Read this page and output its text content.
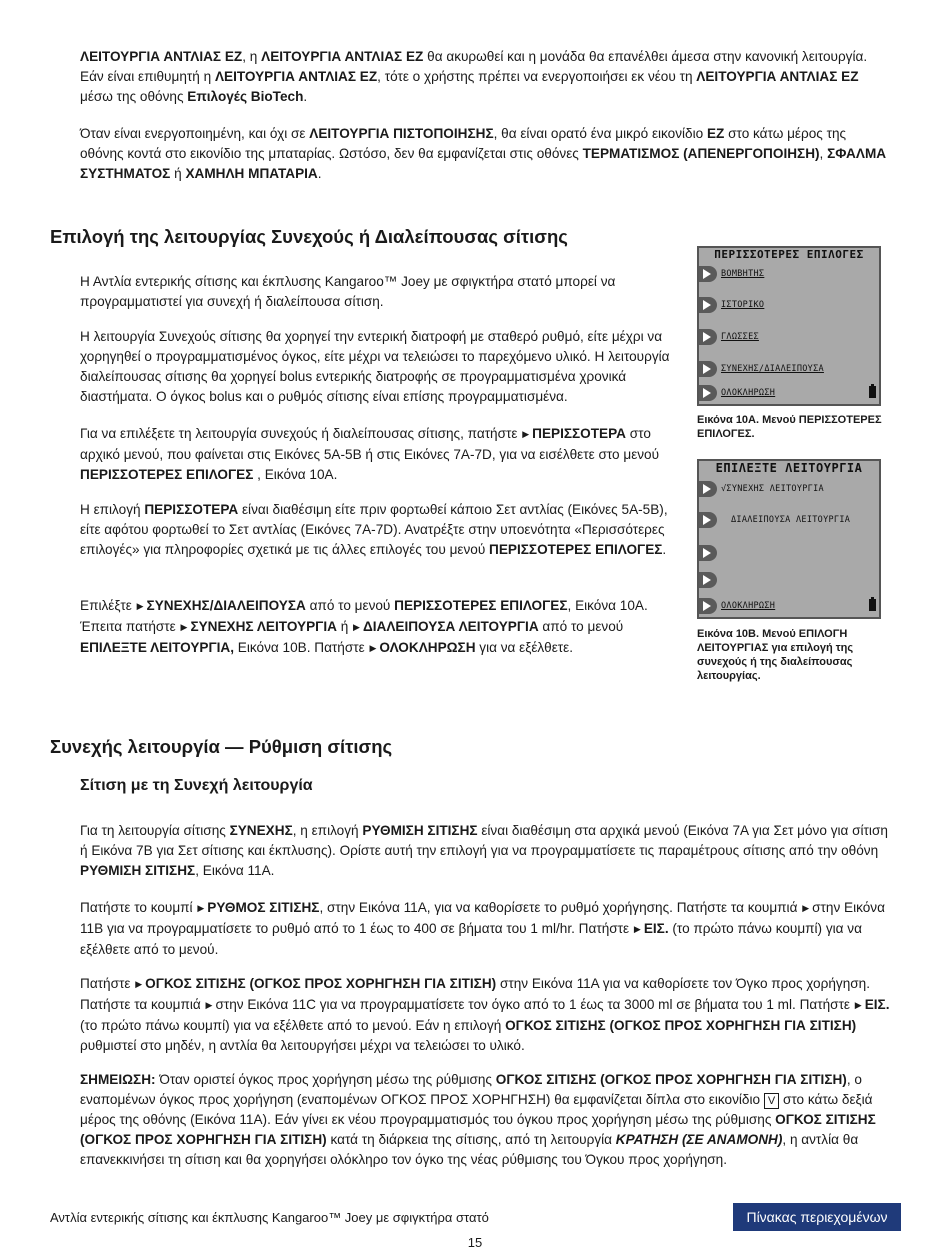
ΛΕΙΤΟΥΡΓΙΑ ΑΝΤΛΙΑΣ ΕΖ, η ΛΕΙΤΟΥΡΓΙΑ ΑΝΤΛΙΑΣ ΕΖ θα ακυρωθεί και η μονάδα θα επανέλθει άμεσα στην κανονική λειτουργία. Εάν είναι επιθυμητή η ΛΕΙΤΟΥΡΓΙΑ ΑΝΤΛΙΑΣ ΕΖ, τότε ο χρήστης πρέπει να ενεργοποιήσει εκ νέου τη ΛΕΙΤΟΥΡΓΙΑ ΑΝΤΛΙΑΣ ΕΖ μέσω της οθόνης Επιλογές BioTech.

Όταν είναι ενεργοποιημένη, και όχι σε ΛΕΙΤΟΥΡΓΙΑ ΠΙΣΤΟΠΟΙΗΣΗΣ, θα είναι ορατό ένα μικρό εικονίδιο ΕΖ στο κάτω μέρος της οθόνης κοντά στο εικονίδιο της μπαταρίας. Ωστόσο, δεν θα εμφανίζεται στις οθόνες ΤΕΡΜΑΤΙΣΜΟΣ (ΑΠΕΝΕΡΓΟΠΟΙΗΣΗ), ΣΦΑΛΜΑ ΣΥΣΤΗΜΑΤΟΣ ή ΧΑΜΗΛΗ ΜΠΑΤΑΡΙΑ.

Επιλογή της λειτουργίας Συνεχούς ή Διαλείπουσας σίτισης

Η Αντλία εντερικής σίτισης και έκπλυσης Kangaroo™ Joey με σφιγκτήρα στατό μπορεί να προγραμματιστεί για συνεχή ή διαλείπουσα σίτιση.

Η λειτουργία Συνεχούς σίτισης θα χορηγεί την εντερική διατροφή με σταθερό ρυθμό, είτε μέχρι να χορηγηθεί ο προγραμματισμένος όγκος, είτε μέχρι να τελειώσει το παρεχόμενο υλικό. Η λειτουργία διαλείπουσας σίτισης θα χορηγεί bolus εντερικής διατροφής σε προγραμματισμένα χρονικά διαστήματα. Ο όγκος bolus και ο ρυθμός σίτισης είναι επίσης προγραμματισμένα.

Για να επιλέξετε τη λειτουργία συνεχούς ή διαλείπουσας σίτισης, πατήστε ▶ ΠΕΡΙΣΣΟΤΕΡΑ στο αρχικό μενού, που φαίνεται στις Εικόνες 5A-5B ή στις Εικόνες 7A-7D, για να εισέλθετε στο μενού ΠΕΡΙΣΣΟΤΕΡΕΣ ΕΠΙΛΟΓΕΣ , Εικόνα 10A.

Η επιλογή ΠΕΡΙΣΣΟΤΕΡΑ είναι διαθέσιμη είτε πριν φορτωθεί κάποιο Σετ αντλίας (Εικόνες 5A-5B), είτε αφότου φορτωθεί το Σετ αντλίας (Εικόνες 7A-7D). Ανατρέξτε στην υποενότητα «Περισσότερες επιλογές» για πληροφορίες σχετικά με τις άλλες επιλογές του μενού ΠΕΡΙΣΣΟΤΕΡΕΣ ΕΠΙΛΟΓΕΣ.

Επιλέξτε ▶ ΣΥΝΕΧΗΣ/ΔΙΑΛΕΙΠΟΥΣΑ από το μενού ΠΕΡΙΣΣΟΤΕΡΕΣ ΕΠΙΛΟΓΕΣ, Εικόνα 10A. Έπειτα πατήστε ▶ ΣΥΝΕΧΗΣ ΛΕΙΤΟΥΡΓΙΑ ή ▶ ΔΙΑΛΕΙΠΟΥΣΑ ΛΕΙΤΟΥΡΓΙΑ από το μενού ΕΠΙΛΕΞΤΕ ΛΕΙΤΟΥΡΓΙΑ, Εικόνα 10B. Πατήστε ▶ ΟΛΟΚΛΗΡΩΣΗ για να εξέλθετε.

ΠΕΡΙΣΣΟΤΕΡΕΣ ΕΠΙΛΟΓΕΣ
ΒΟΜΒΗΤΗΣ
ΙΣΤΟΡΙΚΟ
ΓΛΩΣΣΕΣ
ΣΥΝΕΧΗΣ/ΔΙΑΛΕΙΠΟΥΣΑ
ΟΛΟΚΛΗΡΩΣΗ
Εικόνα 10A. Μενού ΠΕΡΙΣΣΟΤΕΡΕΣ ΕΠΙΛΟΓΕΣ.
ΕΠΙΛΕΞΤΕ ΛΕΙΤΟΥΡΓΙΑ
√ΣΥΝΕΧΗΣ ΛΕΙΤΟΥΡΓΙΑ
ΔΙΑΛΕΙΠΟΥΣΑ ΛΕΙΤΟΥΡΓΙΑ
ΟΛΟΚΛΗΡΩΣΗ
Εικόνα 10B. Μενού ΕΠΙΛΟΓΗ ΛΕΙΤΟΥΡΓΙΑΣ για επιλογή της συνεχούς ή της διαλείπουσας λειτουργίας.
Συνεχής λειτουργία — Ρύθμιση σίτισης
Σίτιση με τη Συνεχή λειτουργία

Για τη λειτουργία σίτισης ΣΥΝΕΧΗΣ, η επιλογή ΡΥΘΜΙΣΗ ΣΙΤΙΣΗΣ είναι διαθέσιμη στα αρχικά μενού (Εικόνα 7A για Σετ μόνο για σίτιση ή Εικόνα 7B για Σετ σίτισης και έκπλυσης). Ορίστε αυτή την επιλογή για να προγραμματίσετε τις παραμέτρους σίτισης από την οθόνη ΡΥΘΜΙΣΗ ΣΙΤΙΣΗΣ, Εικόνα 11A.

Πατήστε το κουμπί ▶ ΡΥΘΜΟΣ ΣΙΤΙΣΗΣ, στην Εικόνα 11A, για να καθορίσετε το ρυθμό χορήγησης. Πατήστε τα κουμπιά ▶ στην Εικόνα 11B για να προγραμματίσετε το ρυθμό από το 1 έως το 400 σε βήματα του 1 ml/hr. Πατήστε ▶ ΕΙΣ. (το πρώτο πάνω κουμπί) για να εξέλθετε από το μενού.

Πατήστε ▶ ΟΓΚΟΣ ΣΙΤΙΣΗΣ (ΟΓΚΟΣ ΠΡΟΣ ΧΟΡΗΓΗΣΗ ΓΙΑ ΣΙΤΙΣΗ) στην Εικόνα 11A για να καθορίσετε τον Όγκο προς χορήγηση. Πατήστε τα κουμπιά ▶ στην Εικόνα 11C για να προγραμματίσετε τον όγκο από το 1 έως τα 3000 ml σε βήματα του 1 ml. Πατήστε ▶ ΕΙΣ. (το πρώτο πάνω κουμπί) για να εξέλθετε από το μενού. Εάν η επιλογή ΟΓΚΟΣ ΣΙΤΙΣΗΣ (ΟΓΚΟΣ ΠΡΟΣ ΧΟΡΗΓΗΣΗ ΓΙΑ ΣΙΤΙΣΗ) ρυθμιστεί στο μηδέν, η αντλία θα λειτουργήσει μέχρι να τελειώσει το υλικό.

ΣΗΜΕΙΩΣΗ: Όταν οριστεί όγκος προς χορήγηση μέσω της ρύθμισης ΟΓΚΟΣ ΣΙΤΙΣΗΣ (ΟΓΚΟΣ ΠΡΟΣ ΧΟΡΗΓΗΣΗ ΓΙΑ ΣΙΤΙΣΗ), ο εναπομένων όγκος προς χορήγηση (εναπομένων ΟΓΚΟΣ ΠΡΟΣ ΧΟΡΗΓΗΣΗ) θα εμφανίζεται δίπλα στο εικονίδιο V στο κάτω δεξιά μέρος της οθόνης (Εικόνα 11A). Εάν γίνει εκ νέου προγραμματισμός του όγκου προς χορήγηση μέσω της ρύθμισης ΟΓΚΟΣ ΣΙΤΙΣΗΣ (ΟΓΚΟΣ ΠΡΟΣ ΧΟΡΗΓΗΣΗ ΓΙΑ ΣΙΤΙΣΗ) κατά τη διάρκεια της σίτισης, από τη λειτουργία ΚΡΑΤΗΣΗ (ΣΕ ΑΝΑΜΟΝΗ), η αντλία θα επανεκκινήσει τη σίτιση και θα χορηγήσει ολόκληρο τον όγκο της νέας ρύθμισης του Όγκου προς χορήγηση.

Αντλία εντερικής σίτισης και έκπλυσης Kangaroo™ Joey με σφιγκτήρα στατό	Πίνακας περιεχομένων
15
